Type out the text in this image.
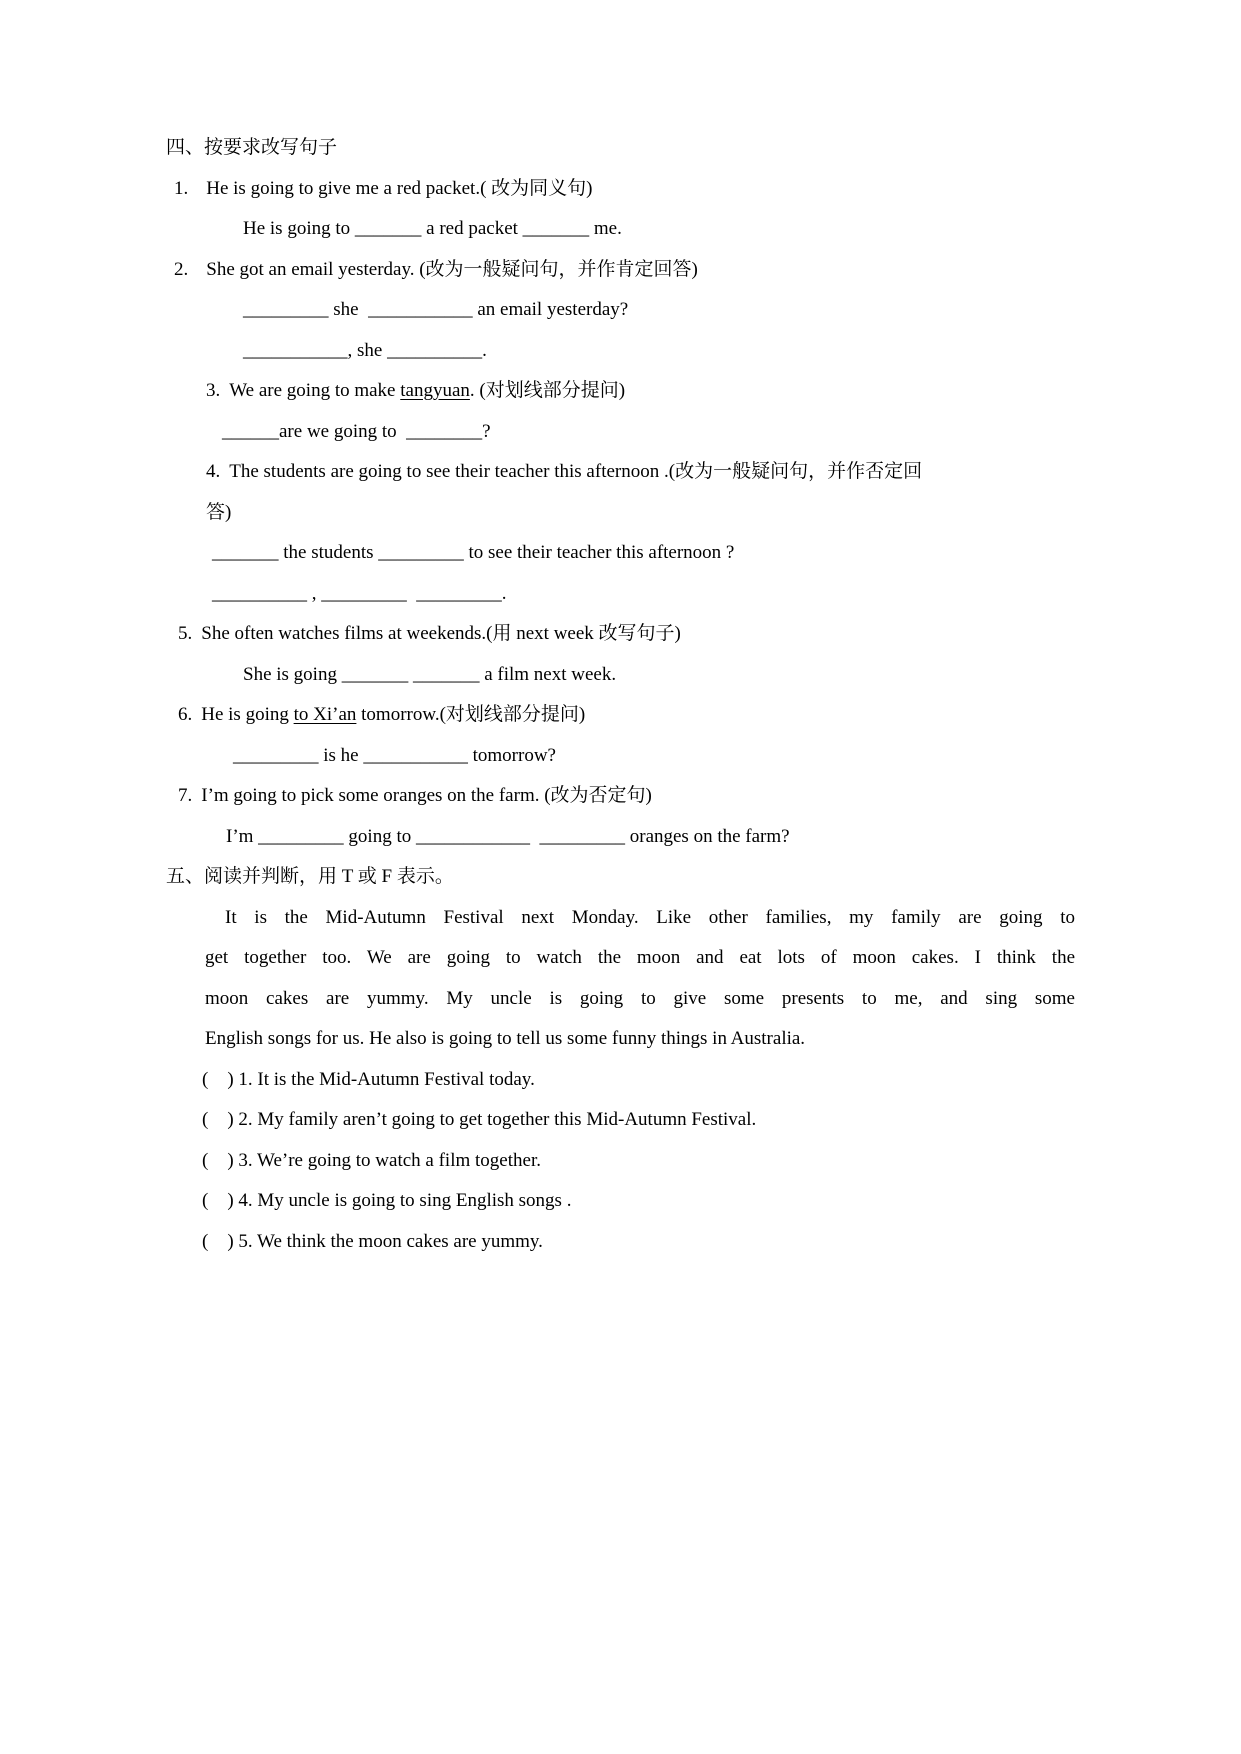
四、按要求改写句子
1. He is going to give me a red packet.( 改为同义句)
He is going to _______ a red packet _______ me.
2. She got an email yesterday. (改为一般疑问句，并作肯定回答)
_________ she  ___________ an email yesterday?
___________, she __________.
3. We are going to make tangyuan. (对划线部分提问)
______are we going to  ________?
4. The students are going to see their teacher this afternoon .(改为一般疑问句，并作否定回
答)
_______ the students _________ to see their teacher this afternoon ?
__________ , _________  _________.
5. She often watches films at weekends.(用 next week 改写句子)
She is going _______ _______ a film next week.
6. He is going to Xi’an tomorrow.(对划线部分提问)
_________ is he ___________ tomorrow?
7. I’m going to pick some oranges on the farm. (改为否定句)
I’m _________ going to ____________  _________ oranges on the farm?
五、阅读并判断，用 T 或 F 表示。
It is the Mid-Autumn Festival next Monday. Like other families, my family are going to
get together too. We are going to watch the moon and eat lots of moon cakes. I think the
moon cakes are yummy. My uncle is going to give some presents to me, and sing some
English songs for us. He also is going to tell us some funny things in Australia.
(    ) 1. It is the Mid-Autumn Festival today.
(    ) 2. My family aren’t going to get together this Mid-Autumn Festival.
(    ) 3. We’re going to watch a film together.
(    ) 4. My uncle is going to sing English songs .
(    ) 5. We think the moon cakes are yummy.
